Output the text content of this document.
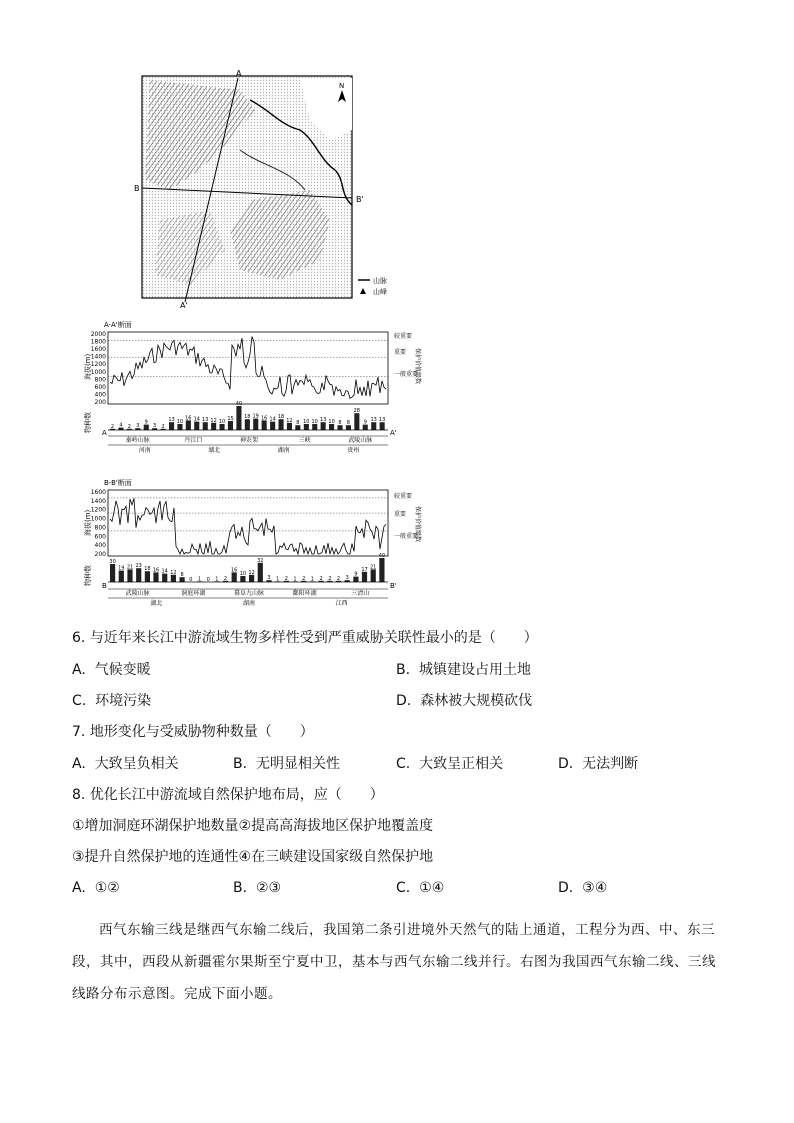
A
A'
B
B'
N
山脉
山峰
A-A'断面
海拔(m)
物种数
2000
1800
1600
1400
1200
1000
800
600
400
200
2 4 2 3
9
3 2
13 10
16 14 13 12 10 15
40
18 19 16 14 18
12 8 10 10 13 10 8 8
28
9 13 13
A	A'
秦岭山脉	丹江口	神农架	三峡	武陵山脉
河南	湖北	湖南	贵州
较重要
重要
一般重要
保护价值级数
B-B'断面
海拔(m)
物种数
1600
1400
1200
1000
800
600
400
200
30
19 21 23 18 16 14 12 8
0 1 0 1 2
16
10 12
32
3 1 2 1 2 1 2 2 2 3
9
17 21
40
B	B'
武陵山脉	洞庭环湖	幕阜九山脉	鄱阳环湖	三清山
湖北	湖南	江西
较重要
重要
一般重要
保护价值级数
6. 与近年来长江中游流域生物多样性受到严重威胁关联性最小的是（　　）
A. 气候变暖	B. 城镇建设占用土地
C. 环境污染	D. 森林被大规模砍伐
7. 地形变化与受威胁物种数量（　　）
A. 大致呈负相关	B. 无明显相关性	C. 大致呈正相关	D. 无法判断
8. 优化长江中游流域自然保护地布局，应（　　）
①增加洞庭环湖保护地数量②提高高海拔地区保护地覆盖度
③提升自然保护地的连通性④在三峡建设国家级自然保护地
A. ①②	B. ②③	C. ①④	D. ③④

西气东输三线是继西气东输二线后，我国第二条引进境外天然气的陆上通道，工程分为西、中、东三段，其中，西段从新疆霍尔果斯至宁夏中卫，基本与西气东输二线并行。右图为我国西气东输二线、三线线路分布示意图。完成下面小题。
